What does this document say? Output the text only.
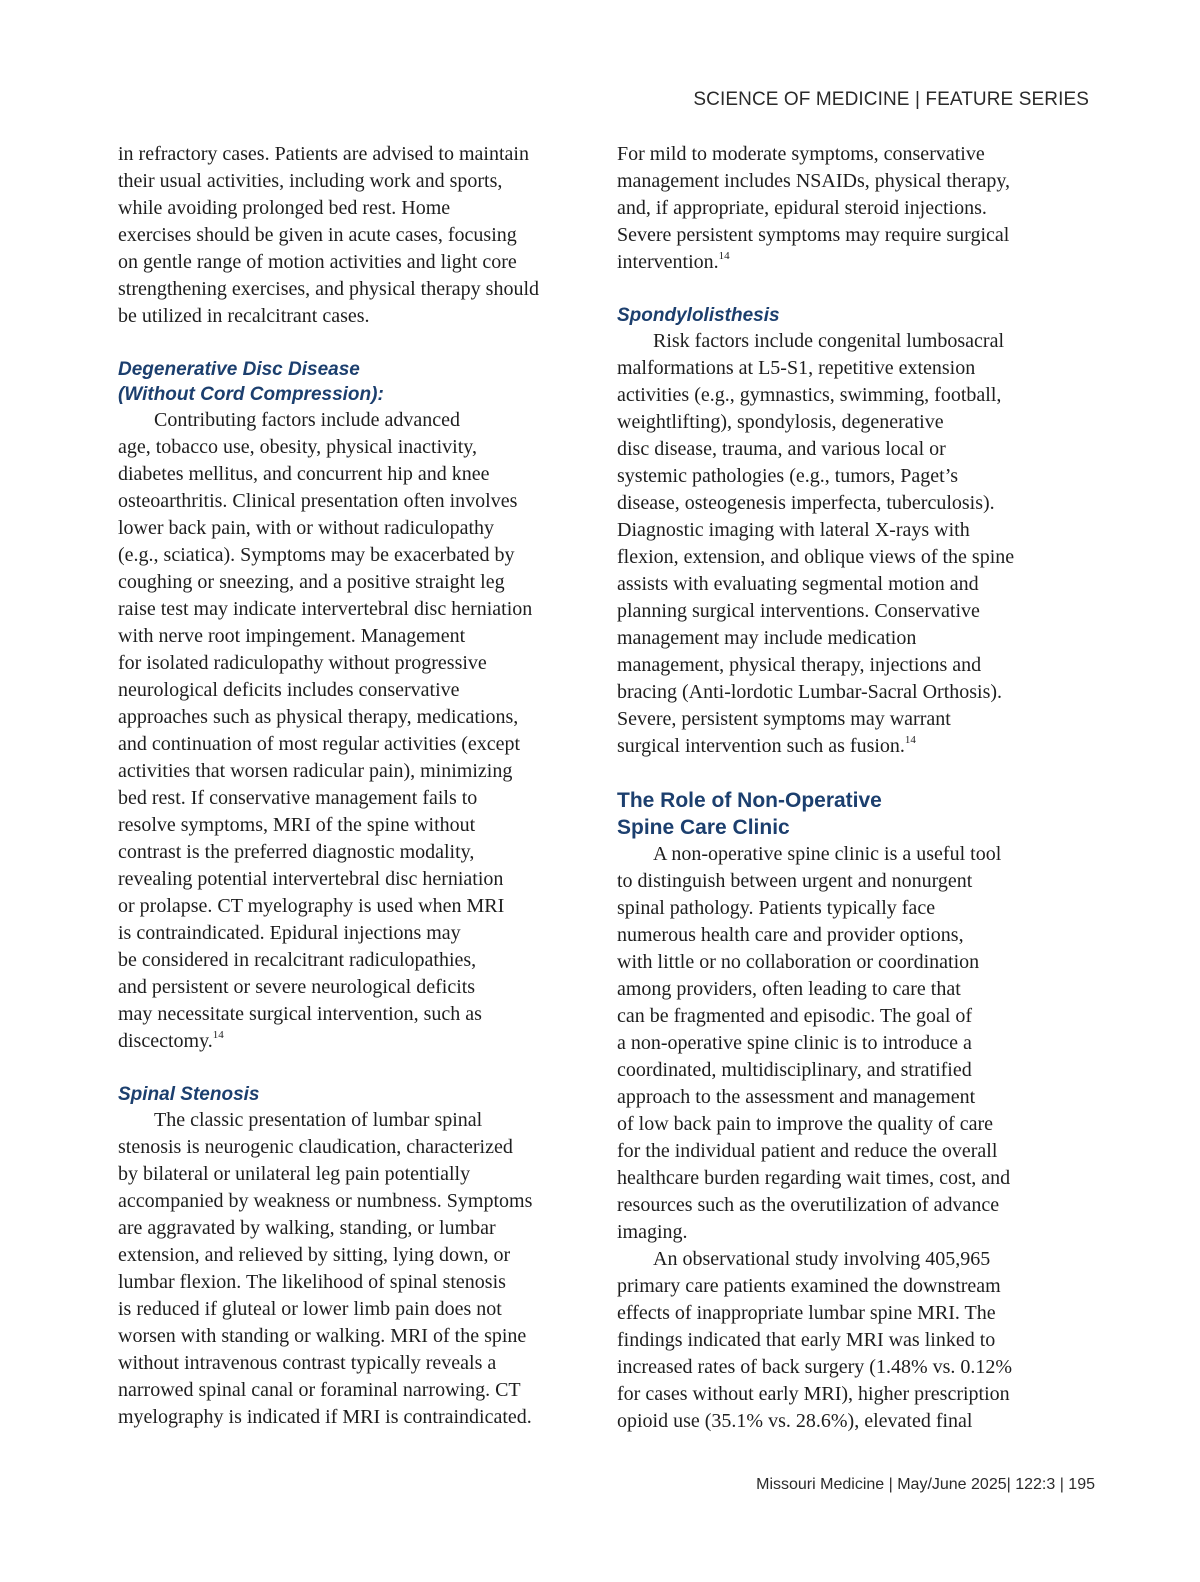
SCIENCE OF MEDICINE | FEATURE SERIES

in refractory cases. Patients are advised to maintain
their usual activities, including work and sports,
while avoiding prolonged bed rest. Home
exercises should be given in acute cases, focusing
on gentle range of motion activities and light core
strengthening exercises, and physical therapy should
be utilized in recalcitrant cases.

Degenerative Disc Disease
(Without Cord Compression):

Contributing factors include advanced
age, tobacco use, obesity, physical inactivity,
diabetes mellitus, and concurrent hip and knee
osteoarthritis. Clinical presentation often involves
lower back pain, with or without radiculopathy
(e.g., sciatica). Symptoms may be exacerbated by
coughing or sneezing, and a positive straight leg
raise test may indicate intervertebral disc herniation
with nerve root impingement. Management
for isolated radiculopathy without progressive
neurological deficits includes conservative
approaches such as physical therapy, medications,
and continuation of most regular activities (except
activities that worsen radicular pain), minimizing
bed rest. If conservative management fails to
resolve symptoms, MRI of the spine without
contrast is the preferred diagnostic modality,
revealing potential intervertebral disc herniation
or prolapse. CT myelography is used when MRI
is contraindicated. Epidural injections may
be considered in recalcitrant radiculopathies,
and persistent or severe neurological deficits
may necessitate surgical intervention, such as
discectomy.$^{14}$

Spinal Stenosis

The classic presentation of lumbar spinal
stenosis is neurogenic claudication, characterized
by bilateral or unilateral leg pain potentially
accompanied by weakness or numbness. Symptoms
are aggravated by walking, standing, or lumbar
extension, and relieved by sitting, lying down, or
lumbar flexion. The likelihood of spinal stenosis
is reduced if gluteal or lower limb pain does not
worsen with standing or walking. MRI of the spine
without intravenous contrast typically reveals a
narrowed spinal canal or foraminal narrowing. CT
myelography is indicated if MRI is contraindicated.

For mild to moderate symptoms, conservative
management includes NSAIDs, physical therapy,
and, if appropriate, epidural steroid injections.
Severe persistent symptoms may require surgical
intervention.$^{14}$

Spondylolisthesis

Risk factors include congenital lumbosacral
malformations at L5-S1, repetitive extension
activities (e.g., gymnastics, swimming, football,
weightlifting), spondylosis, degenerative
disc disease, trauma, and various local or
systemic pathologies (e.g., tumors, Paget’s
disease, osteogenesis imperfecta, tuberculosis).
Diagnostic imaging with lateral X-rays with
flexion, extension, and oblique views of the spine
assists with evaluating segmental motion and
planning surgical interventions. Conservative
management may include medication
management, physical therapy, injections and
bracing (Anti-lordotic Lumbar-Sacral Orthosis).
Severe, persistent symptoms may warrant
surgical intervention such as fusion.$^{14}$

The Role of Non-Operative
Spine Care Clinic

A non-operative spine clinic is a useful tool
to distinguish between urgent and nonurgent
spinal pathology. Patients typically face
numerous health care and provider options,
with little or no collaboration or coordination
among providers, often leading to care that
can be fragmented and episodic. The goal of
a non-operative spine clinic is to introduce a
coordinated, multidisciplinary, and stratified
approach to the assessment and management
of low back pain to improve the quality of care
for the individual patient and reduce the overall
healthcare burden regarding wait times, cost, and
resources such as the overutilization of advance
imaging.

An observational study involving 405,965
primary care patients examined the downstream
effects of inappropriate lumbar spine MRI. The
findings indicated that early MRI was linked to
increased rates of back surgery (1.48% vs. 0.12%
for cases without early MRI), higher prescription
opioid use (35.1% vs. 28.6%), elevated final

Missouri Medicine | May/June 2025| 122:3 | 195
